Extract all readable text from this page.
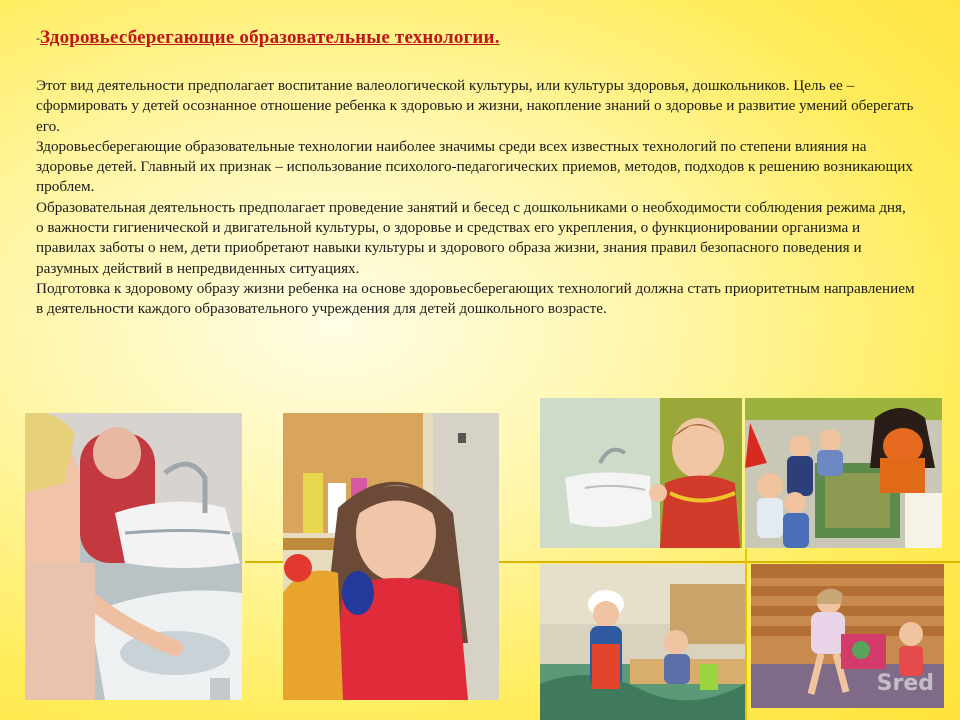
-Здоровьесберегающие образовательные технологии.

Этот вид деятельности предполагает воспитание валеологической культуры, или культуры здоровья, дошкольников. Цель ее – сформировать у детей осознанное отношение ребенка к здоровью и жизни, накопление знаний о здоровье и развитие умений оберегать его.

Здоровьесберегающие образовательные технологии наиболее значимы среди всех известных технологий по степени влияния на здоровье детей. Главный их признак – использование психолого-педагогических приемов, методов, подходов к решению возникающих проблем.

Образовательная деятельность предполагает проведение занятий и бесед с дошкольниками о необходимости соблюдения режима дня, о важности гигиенической и двигательной культуры, о здоровье и средствах его укрепления, о функционировании организма и правилах заботы о нем, дети приобретают навыки культуры и здорового образа жизни, знания правил безопасного поведения и разумных действий в непредвиденных ситуациях.

Подготовка к здоровому образу жизни ребенка на основе здоровьесберегающих технологий должна стать приоритетным направлением в деятельности каждого образовательного учреждения для детей дошкольного возрасте.

Sred
